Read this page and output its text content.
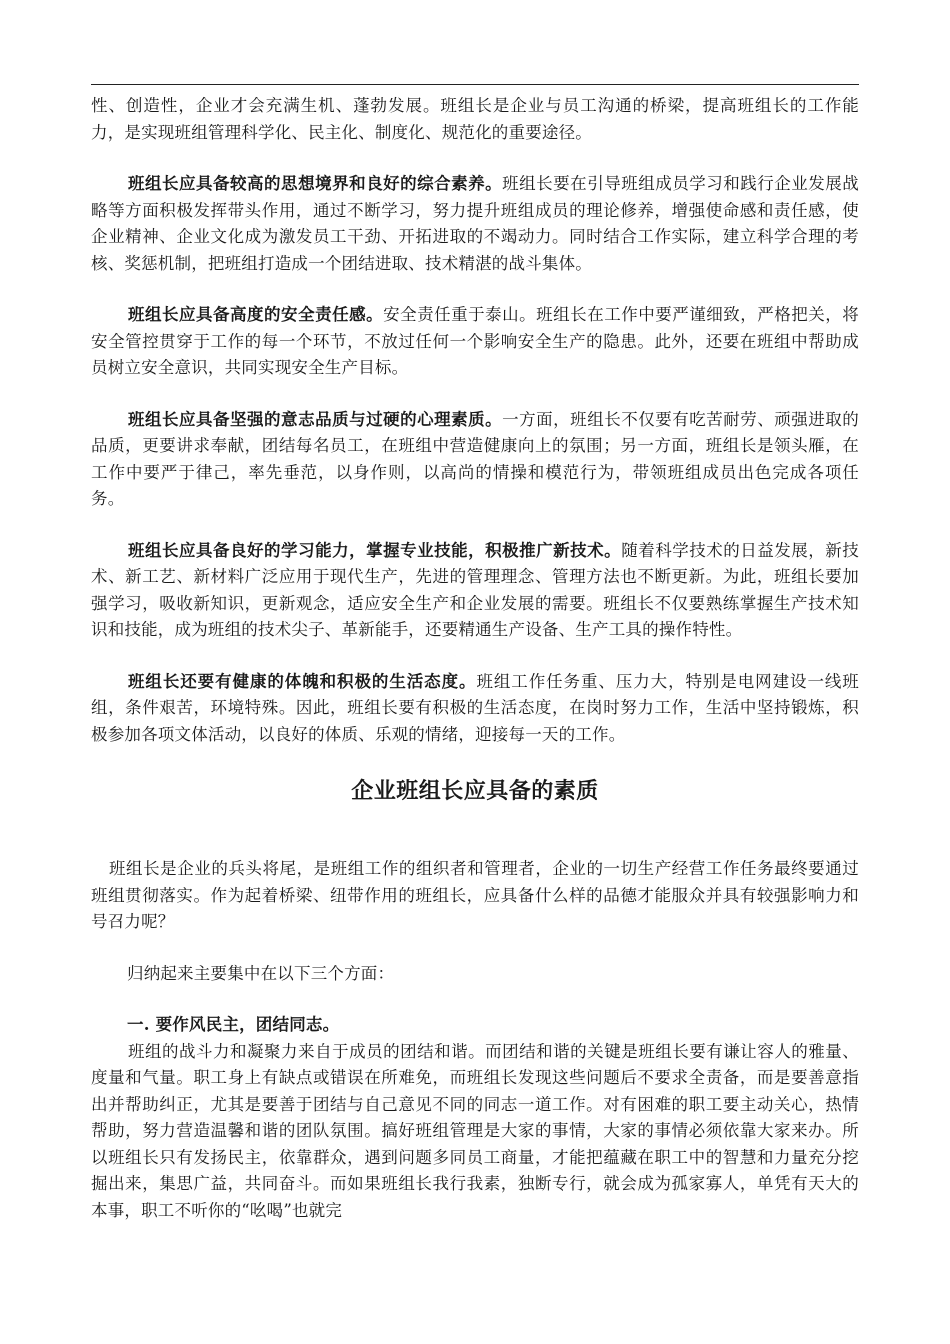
性、创造性，企业才会充满生机、蓬勃发展。班组长是企业与员工沟通的桥梁，提高班组长的工作能力，是实现班组管理科学化、民主化、制度化、规范化的重要途径。

班组长应具备较高的思想境界和良好的综合素养。班组长要在引导班组成员学习和践行企业发展战略等方面积极发挥带头作用，通过不断学习，努力提升班组成员的理论修养，增强使命感和责任感，使企业精神、企业文化成为激发员工干劲、开拓进取的不竭动力。同时结合工作实际，建立科学合理的考核、奖惩机制，把班组打造成一个团结进取、技术精湛的战斗集体。

班组长应具备高度的安全责任感。安全责任重于泰山。班组长在工作中要严谨细致，严格把关，将安全管控贯穿于工作的每一个环节，不放过任何一个影响安全生产的隐患。此外，还要在班组中帮助成员树立安全意识，共同实现安全生产目标。

班组长应具备坚强的意志品质与过硬的心理素质。一方面，班组长不仅要有吃苦耐劳、顽强进取的品质，更要讲求奉献，团结每名员工，在班组中营造健康向上的氛围；另一方面，班组长是领头雁，在工作中要严于律己，率先垂范，以身作则，以高尚的情操和模范行为，带领班组成员出色完成各项任务。

班组长应具备良好的学习能力，掌握专业技能，积极推广新技术。随着科学技术的日益发展，新技术、新工艺、新材料广泛应用于现代生产，先进的管理理念、管理方法也不断更新。为此，班组长要加强学习，吸收新知识，更新观念，适应安全生产和企业发展的需要。班组长不仅要熟练掌握生产技术知识和技能，成为班组的技术尖子、革新能手，还要精通生产设备、生产工具的操作特性。

班组长还要有健康的体魄和积极的生活态度。班组工作任务重、压力大，特别是电网建设一线班组，条件艰苦，环境特殊。因此，班组长要有积极的生活态度，在岗时努力工作，生活中坚持锻炼，积极参加各项文体活动，以良好的体质、乐观的情绪，迎接每一天的工作。

企业班组长应具备的素质

班组长是企业的兵头将尾，是班组工作的组织者和管理者，企业的一切生产经营工作任务最终要通过班组贯彻落实。作为起着桥梁、纽带作用的班组长，应具备什么样的品德才能服众并具有较强影响力和号召力呢？

归纳起来主要集中在以下三个方面：

一. 要作风民主，团结同志。

班组的战斗力和凝聚力来自于成员的团结和谐。而团结和谐的关键是班组长要有谦让容人的雅量、度量和气量。职工身上有缺点或错误在所难免，而班组长发现这些问题后不要求全责备，而是要善意指出并帮助纠正，尤其是要善于团结与自己意见不同的同志一道工作。对有困难的职工要主动关心，热情帮助，努力营造温馨和谐的团队氛围。搞好班组管理是大家的事情，大家的事情必须依靠大家来办。所以班组长只有发扬民主，依靠群众，遇到问题多同员工商量，才能把蕴藏在职工中的智慧和力量充分挖掘出来，集思广益，共同奋斗。而如果班组长我行我素，独断专行，就会成为孤家寡人，单凭有天大的本事，职工不听你的“吆喝”也就完
